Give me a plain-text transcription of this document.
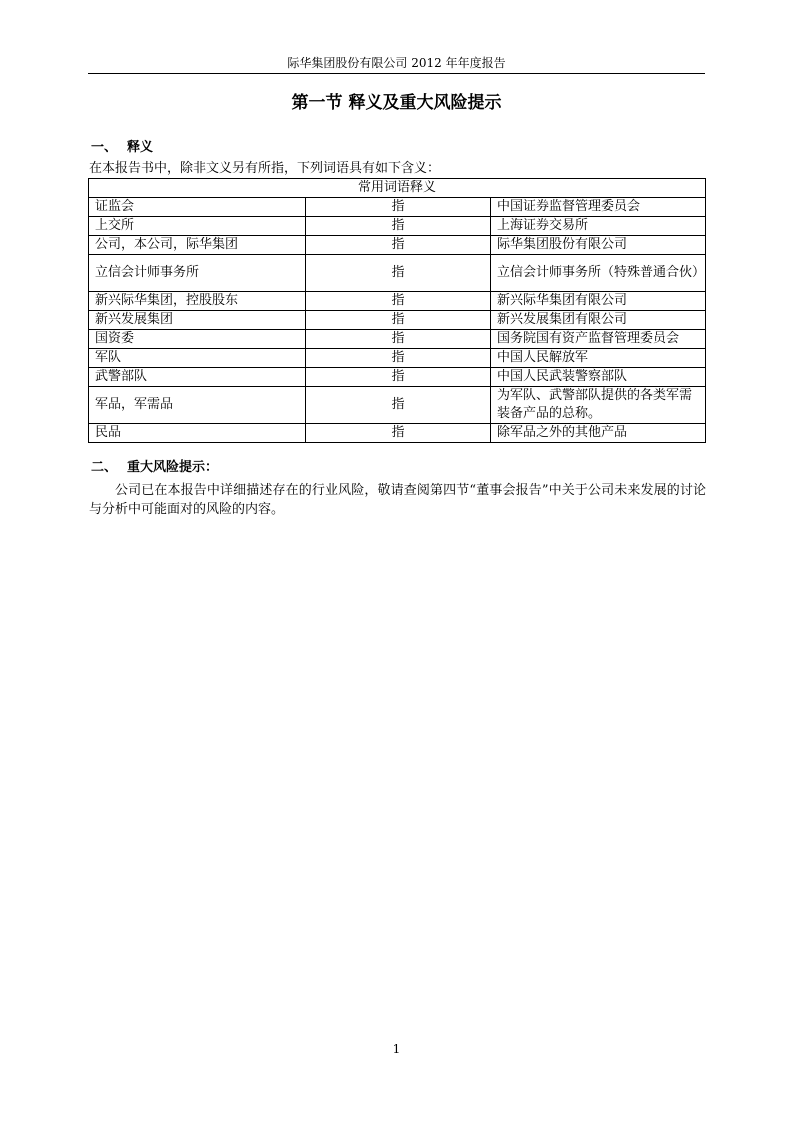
际华集团股份有限公司 2012 年年度报告
第一节 释义及重大风险提示
一、 释义
在本报告书中，除非文义另有所指，下列词语具有如下含义：
常用词语释义		
证监会	指	中国证券监督管理委员会
上交所	指	上海证券交易所
公司，本公司，际华集团	指	际华集团股份有限公司
立信会计师事务所	指	立信会计师事务所（特殊普通合伙）
新兴际华集团，控股股东	指	新兴际华集团有限公司
新兴发展集团	指	新兴发展集团有限公司
国资委	指	国务院国有资产监督管理委员会
军队	指	中国人民解放军
武警部队	指	中国人民武装警察部队
军品，军需品	指	为军队、武警部队提供的各类军需装备产品的总称。
民品	指	除军品之外的其他产品
二、 重大风险提示：
公司已在本报告中详细描述存在的行业风险，敬请查阅第四节“董事会报告”中关于公司未来发展的讨论与分析中可能面对的风险的内容。
1
